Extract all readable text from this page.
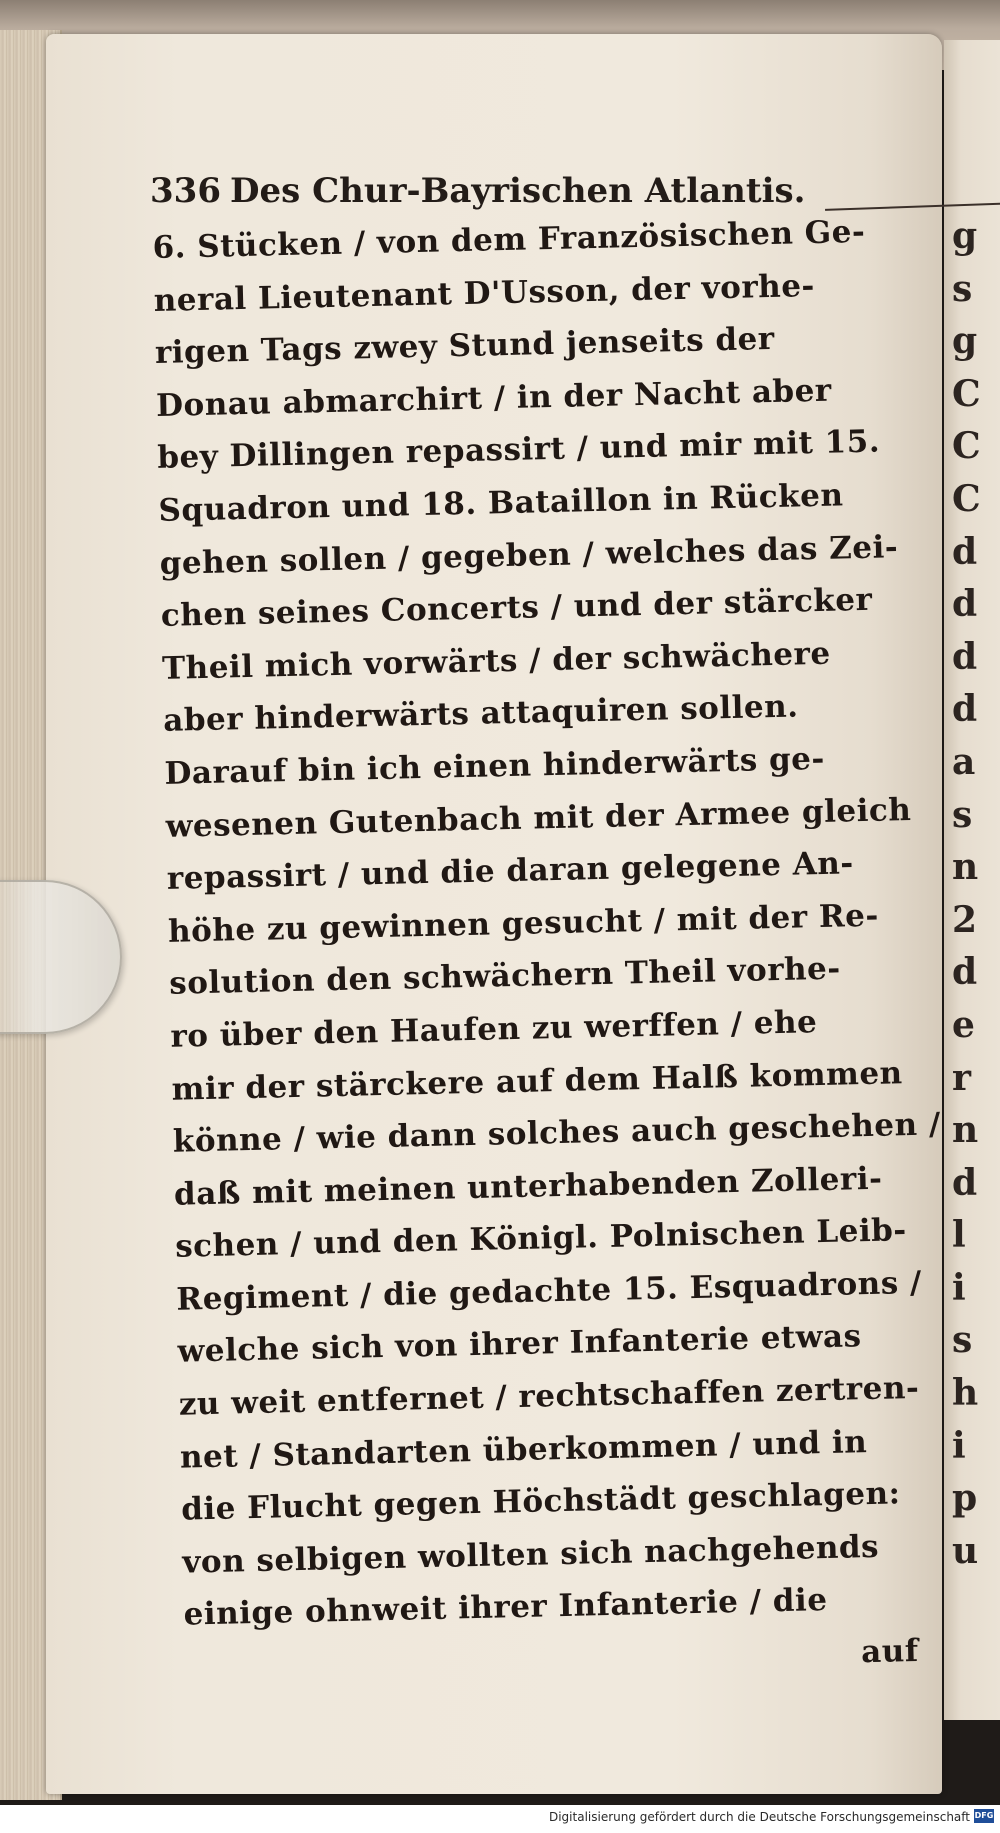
g
s
g
C
C
C
d
d
d
d
a
s
n
2
d
e
r
n
d
l
i
s
h
i
p
u
336 Des Chur-Bayrischen Atlantis.
6. Stücken / von dem Französischen Ge-
neral Lieutenant D'Usson, der vorhe-
rigen Tags zwey Stund jenseits der
Donau abmarchirt / in der Nacht aber
bey Dillingen repassirt / und mir mit 15.
Squadron und 18. Bataillon in Rücken
gehen sollen / gegeben / welches das Zei-
chen seines Concerts / und der stärcker
Theil mich vorwärts / der schwächere
aber hinderwärts attaquiren sollen.
Darauf bin ich einen hinderwärts ge-
wesenen Gutenbach mit der Armee gleich
repassirt / und die daran gelegene An-
höhe zu gewinnen gesucht / mit der Re-
solution den schwächern Theil vorhe-
ro über den Haufen zu werffen / ehe
mir der stärckere auf dem Halß kommen
könne / wie dann solches auch geschehen /
daß mit meinen unterhabenden Zolleri-
schen / und den Königl. Polnischen Leib-
Regiment / die gedachte 15. Esquadrons /
welche sich von ihrer Infanterie etwas
zu weit entfernet / rechtschaffen zertren-
net / Standarten überkommen / und in
die Flucht gegen Höchstädt geschlagen:
von selbigen wollten sich nachgehends
einige ohnweit ihrer Infanterie / die
auf
Digitalisierung gefördert durch die Deutsche Forschungsgemeinschaft DFG
